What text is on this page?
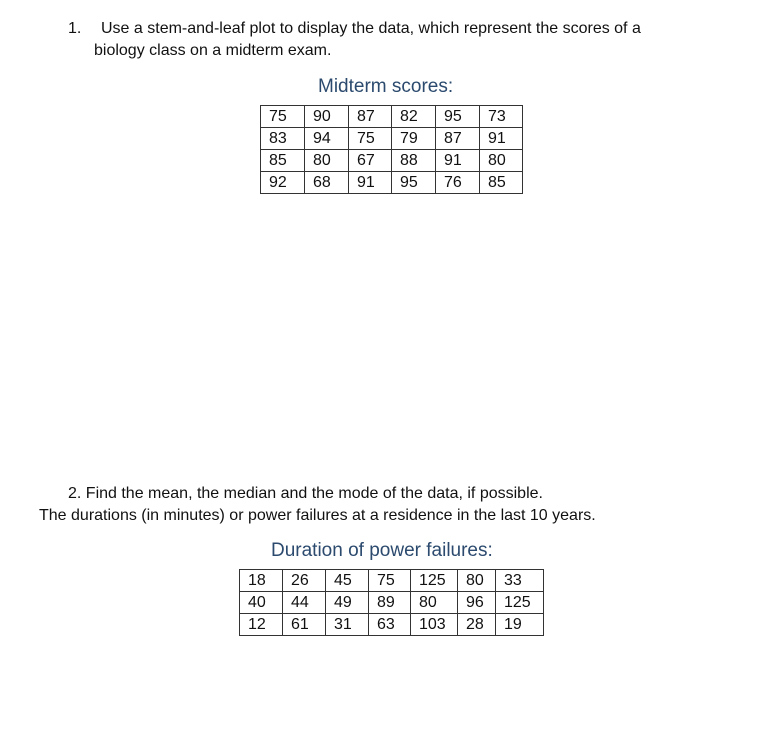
1. Use a stem-and-leaf plot to display the data, which represent the scores of a
biology class on a midterm exam.
Midterm scores:
75	90	87	82	95	73
83	94	75	79	87	91
85	80	67	88	91	80
92	68	91	95	76	85
2. Find the mean, the median and the mode of the data, if possible.
The durations (in minutes) or power failures at a residence in the last 10 years.
Duration of power failures:
18	26	45	75	125	80	33
40	44	49	89	80	96	125
12	61	31	63	103	28	19
